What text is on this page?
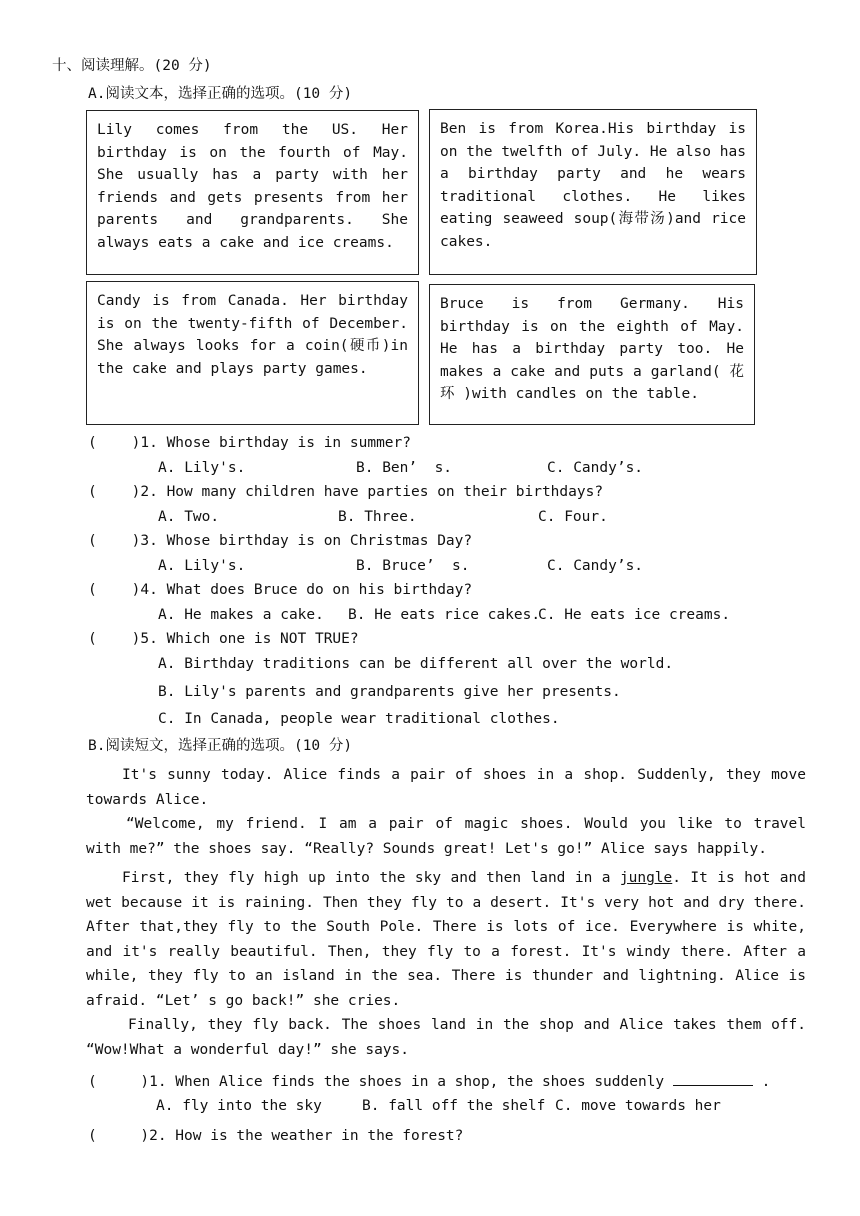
十、阅读理解。(20 分)
A.阅读文本，选择正确的选项。(10 分)
Lily comes from the US. Her birthday is on the fourth of May. She usually has a party with her friends and gets presents from her parents and grandparents. She always eats a cake and ice creams.
Ben is from Korea.His birthday is on the twelfth of July. He also has a birthday party and he wears traditional clothes. He likes eating seaweed soup(海带汤)and rice cakes.
Candy is from Canada. Her birthday is on the twenty-fifth of December. She always looks for a coin(硬币)in the cake and plays party games.
Bruce is from Germany. His birthday is on the eighth of May. He has a birthday party too. He makes a cake and puts a garland( 花 环 )with candles on the table.
(    )1. Whose birthday is in summer?
A. Lily's.	B. Ben’  s.	C. Candy’s.
(    )2. How many children have parties on their birthdays?
A. Two.	B. Three.	C. Four.
(    )3. Whose birthday is on Christmas Day?
A. Lily's.	B. Bruce’  s.	C. Candy’s.
(    )4. What does Bruce do on his birthday?
A. He makes a cake. B. He eats rice cakes.
C. He eats ice creams.
(    )5. Which one is NOT TRUE?
A. Birthday traditions can be different all over the world.
B. Lily's parents and grandparents give her presents.
C. In Canada, people wear traditional clothes.
B.阅读短文，选择正确的选项。(10 分)
It's sunny today. Alice finds a pair of shoes in a shop. Suddenly, they move towards Alice.
“Welcome, my friend. I am a pair of magic shoes. Would you like to travel with me?” the shoes say. “Really? Sounds great! Let's go!” Alice says happily.
First, they fly high up into the sky and then land in a jungle. It is hot and wet because it is raining. Then they fly to a desert. It's very hot and dry there. After that,they fly to the South Pole. There is lots of ice. Everywhere is white, and it's really beautiful. Then, they fly to a forest. It's windy there. After a while, they fly to an island in the sea. There is thunder and lightning. Alice is afraid. “Let’ s go back!” she cries.
Finally, they fly back. The shoes land in the shop and Alice takes them off. “Wow!What a wonderful day!” she says.
(     )1. When Alice finds the shoes in a shop, the shoes suddenly	.
A. fly into the sky	B. fall off the shelf C. move towards her
(     )2. How is the weather in the forest?
